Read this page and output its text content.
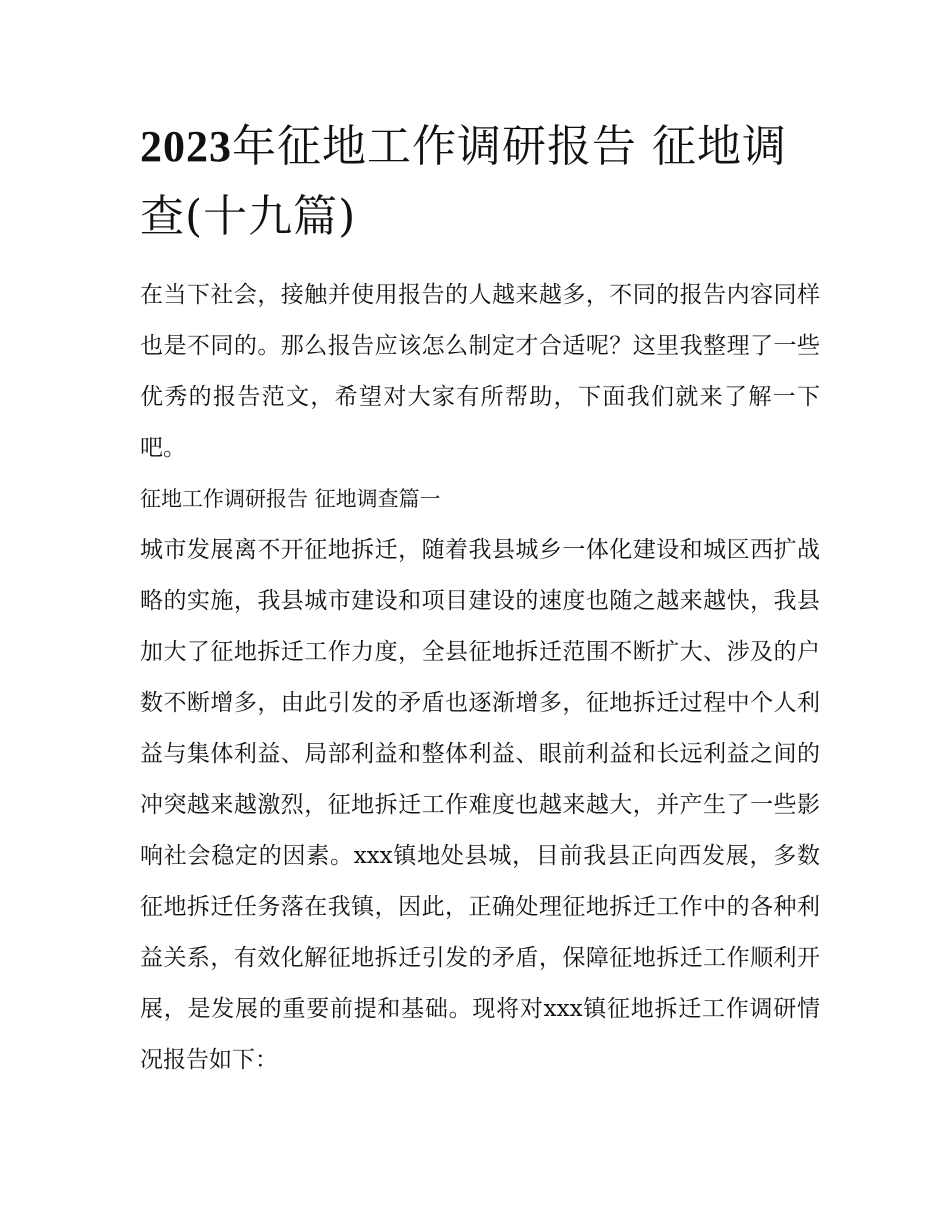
2023年征地工作调研报告 征地调查(十九篇)

在当下社会，接触并使用报告的人越来越多，不同的报告内容同样也是不同的。那么报告应该怎么制定才合适呢？这里我整理了一些优秀的报告范文，希望对大家有所帮助，下面我们就来了解一下吧。

征地工作调研报告 征地调查篇一

城市发展离不开征地拆迁，随着我县城乡一体化建设和城区西扩战略的实施，我县城市建设和项目建设的速度也随之越来越快，我县加大了征地拆迁工作力度，全县征地拆迁范围不断扩大、涉及的户数不断增多，由此引发的矛盾也逐渐增多，征地拆迁过程中个人利益与集体利益、局部利益和整体利益、眼前利益和长远利益之间的冲突越来越激烈，征地拆迁工作难度也越来越大，并产生了一些影响社会稳定的因素。xxx镇地处县城，目前我县正向西发展，多数征地拆迁任务落在我镇，因此，正确处理征地拆迁工作中的各种利益关系，有效化解征地拆迁引发的矛盾，保障征地拆迁工作顺利开展，是发展的重要前提和基础。现将对xxx镇征地拆迁工作调研情况报告如下：
